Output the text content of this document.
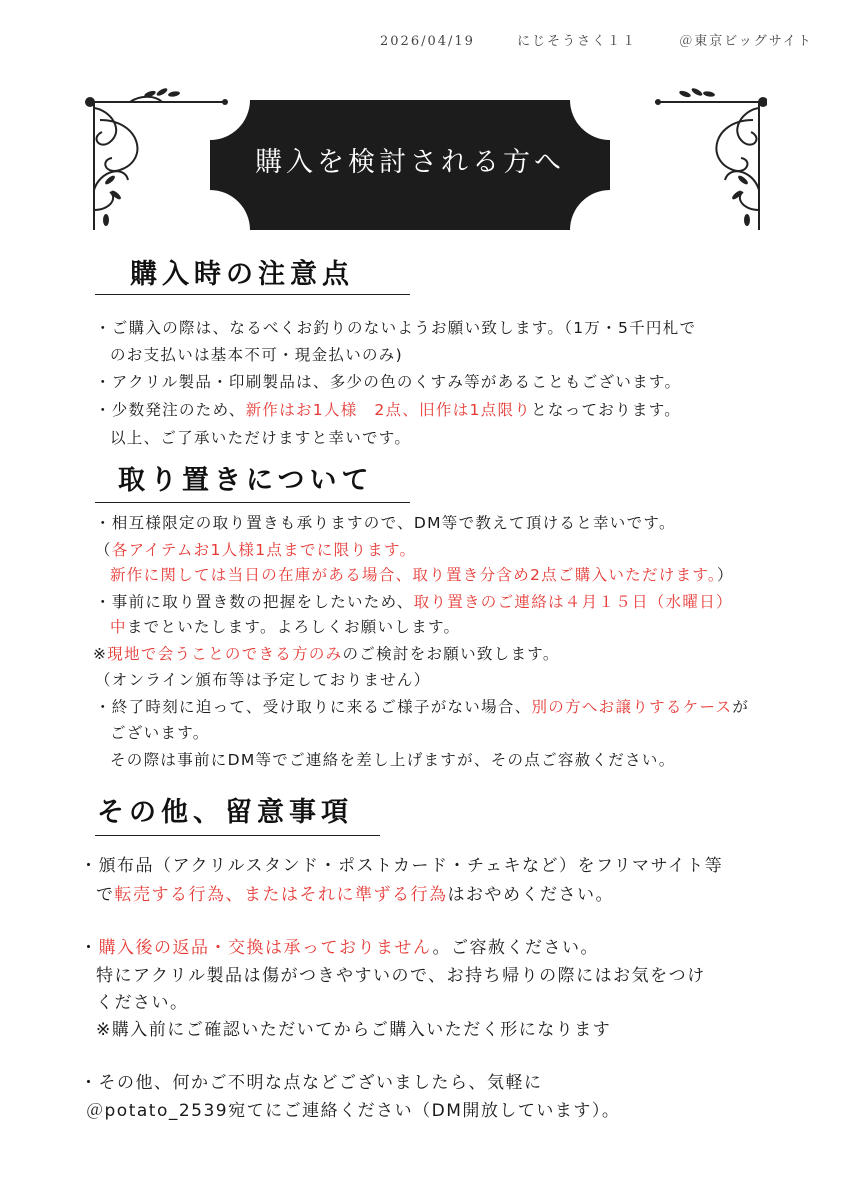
2026/04/19	にじそうさく１１	＠東京ビッグサイト
購入を検討される方へ
購入時の注意点
・ご購入の際は、なるべくお釣りのないようお願い致します。（1万・5千円札で
のお支払いは基本不可・現金払いのみ)
・アクリル製品・印刷製品は、多少の色のくすみ等があることもございます。
・少数発注のため、新作はお1人様　2点、旧作は1点限りとなっております。
以上、ご了承いただけますと幸いです。
取り置きについて
・相互様限定の取り置きも承りますので、DM等で教えて頂けると幸いです。
（各アイテムお1人様1点までに限ります。
新作に関しては当日の在庫がある場合、取り置き分含め2点ご購入いただけます。）
・事前に取り置き数の把握をしたいため、取り置きのご連絡は４月１５日（水曜日）
中までといたします。よろしくお願いします。
※現地で会うことのできる方のみのご検討をお願い致します。
（オンライン頒布等は予定しておりません）
・終了時刻に迫って、受け取りに来るご様子がない場合、別の方へお譲りするケースが
ございます。
その際は事前にDM等でご連絡を差し上げますが、その点ご容赦ください。
その他、留意事項
・頒布品（アクリルスタンド・ポストカード・チェキなど）をフリマサイト等
で転売する行為、またはそれに準ずる行為はおやめください。
・購入後の返品・交換は承っておりません。ご容赦ください。
特にアクリル製品は傷がつきやすいので、お持ち帰りの際にはお気をつけ
ください。
※購入前にご確認いただいてからご購入いただく形になります
・その他、何かご不明な点などございましたら、気軽に
＠potato_2539宛てにご連絡ください（DM開放しています）。
